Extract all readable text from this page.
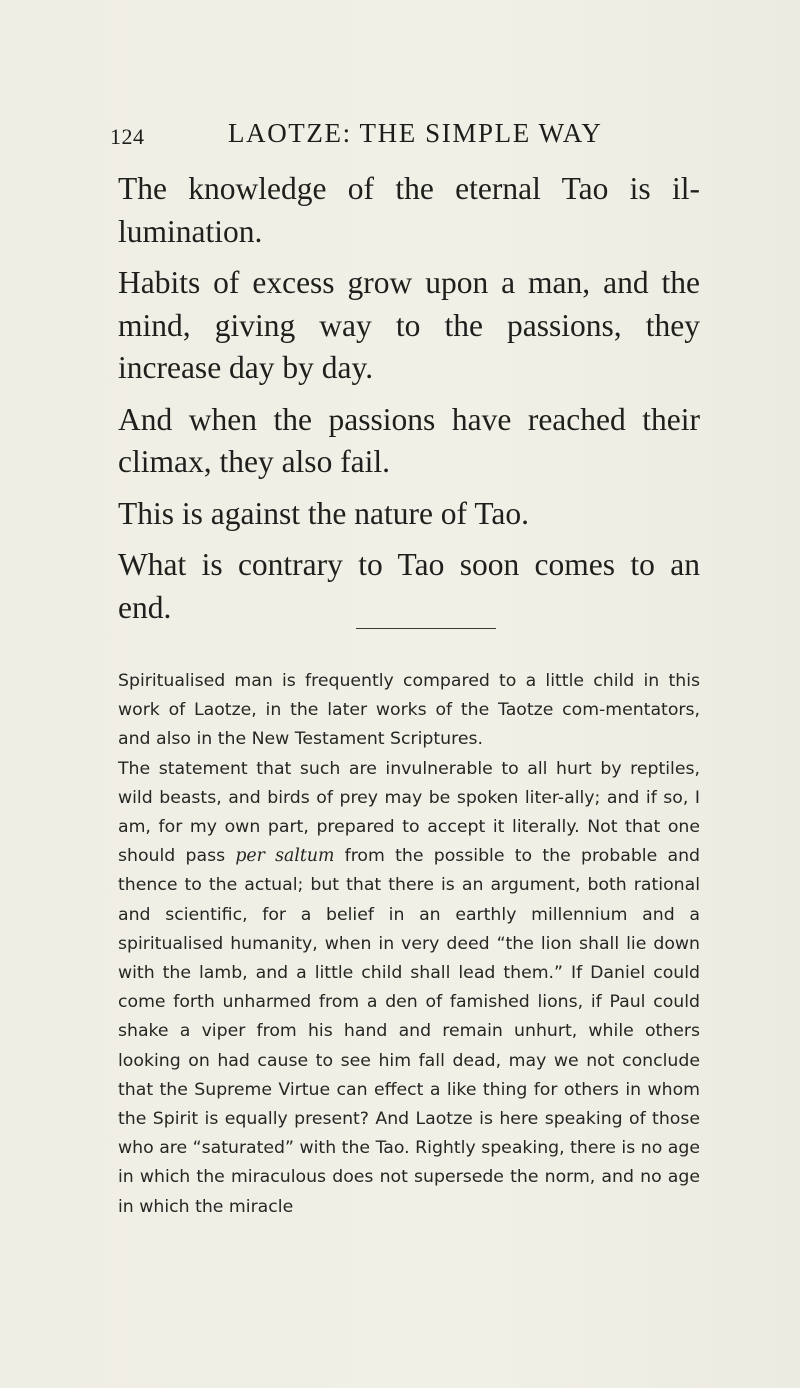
124	LAOTZE: THE SIMPLE WAY

The knowledge of the eternal Tao is il-lumination.

Habits of excess grow upon a man, and the mind, giving way to the passions, they increase day by day.

And when the passions have reached their climax, they also fail.

This is against the nature of Tao.

What is contrary to Tao soon comes to an end.

Spiritualised man is frequently compared to a little child in this work of Laotze, in the later works of the Taotze com-mentators, and also in the New Testament Scriptures.

The statement that such are invulnerable to all hurt by reptiles, wild beasts, and birds of prey may be spoken liter-ally; and if so, I am, for my own part, prepared to accept it literally. Not that one should pass per saltum from the possible to the probable and thence to the actual; but that there is an argument, both rational and scientific, for a belief in an earthly millennium and a spiritualised humanity, when in very deed “the lion shall lie down with the lamb, and a little child shall lead them.” If Daniel could come forth unharmed from a den of famished lions, if Paul could shake a viper from his hand and remain unhurt, while others looking on had cause to see him fall dead, may we not conclude that the Supreme Virtue can effect a like thing for others in whom the Spirit is equally present? And Laotze is here speaking of those who are “saturated” with the Tao. Rightly speaking, there is no age in which the miraculous does not supersede the norm, and no age in which the miracle
